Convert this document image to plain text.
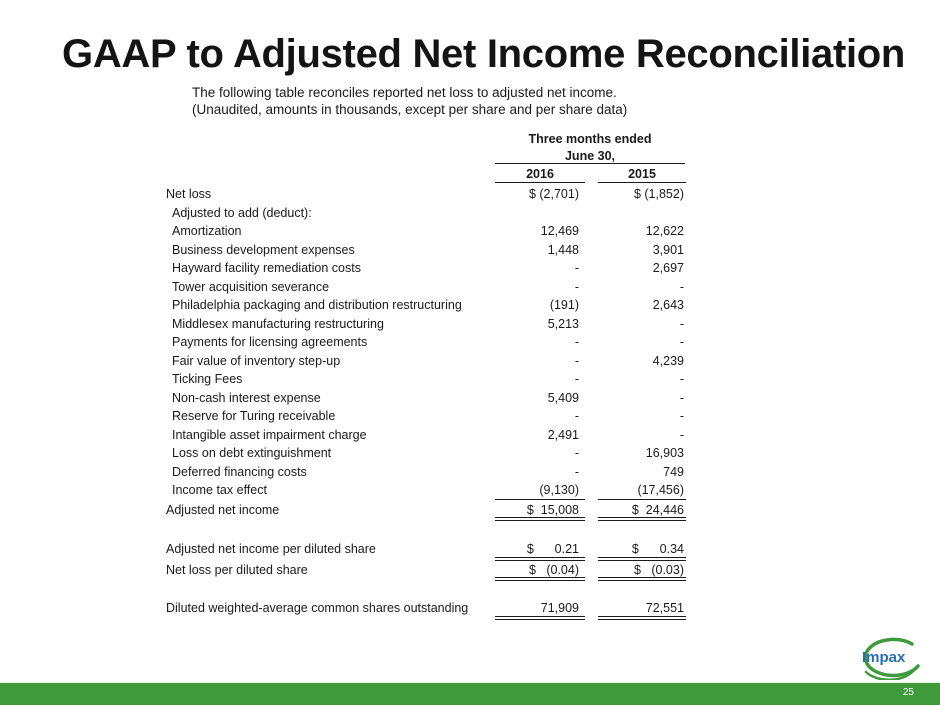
GAAP to Adjusted Net Income Reconciliation
The following table reconciles reported net loss to adjusted net income.
(Unaudited, amounts in thousands, except per share and per share data)
Three months ended
June 30,
2016	2015
Net loss	$ (2,701)	$ (1,852)
Adjusted to add (deduct):
Amortization	12,469	12,622
Business development expenses	1,448	3,901
Hayward facility remediation costs	-	2,697
Tower acquisition severance	-	-
Philadelphia packaging and distribution restructuring	(191)	2,643
Middlesex manufacturing restructuring	5,213	-
Payments for licensing agreements	-	-
Fair value of inventory step-up	-	4,239
Ticking Fees	-	-
Non-cash interest expense	5,409	-
Reserve for Turing receivable	-	-
Intangible asset impairment charge	2,491	-
Loss on debt extinguishment	-	16,903
Deferred financing costs	-	749
Income tax effect	(9,130)	(17,456)
Adjusted net income	$  15,008	$  24,446
Adjusted net income per diluted share	$      0.21	$      0.34
Net loss per diluted share	$   (0.04)	$   (0.03)
Diluted weighted-average common shares outstanding	71,909	72,551
Impax
25
